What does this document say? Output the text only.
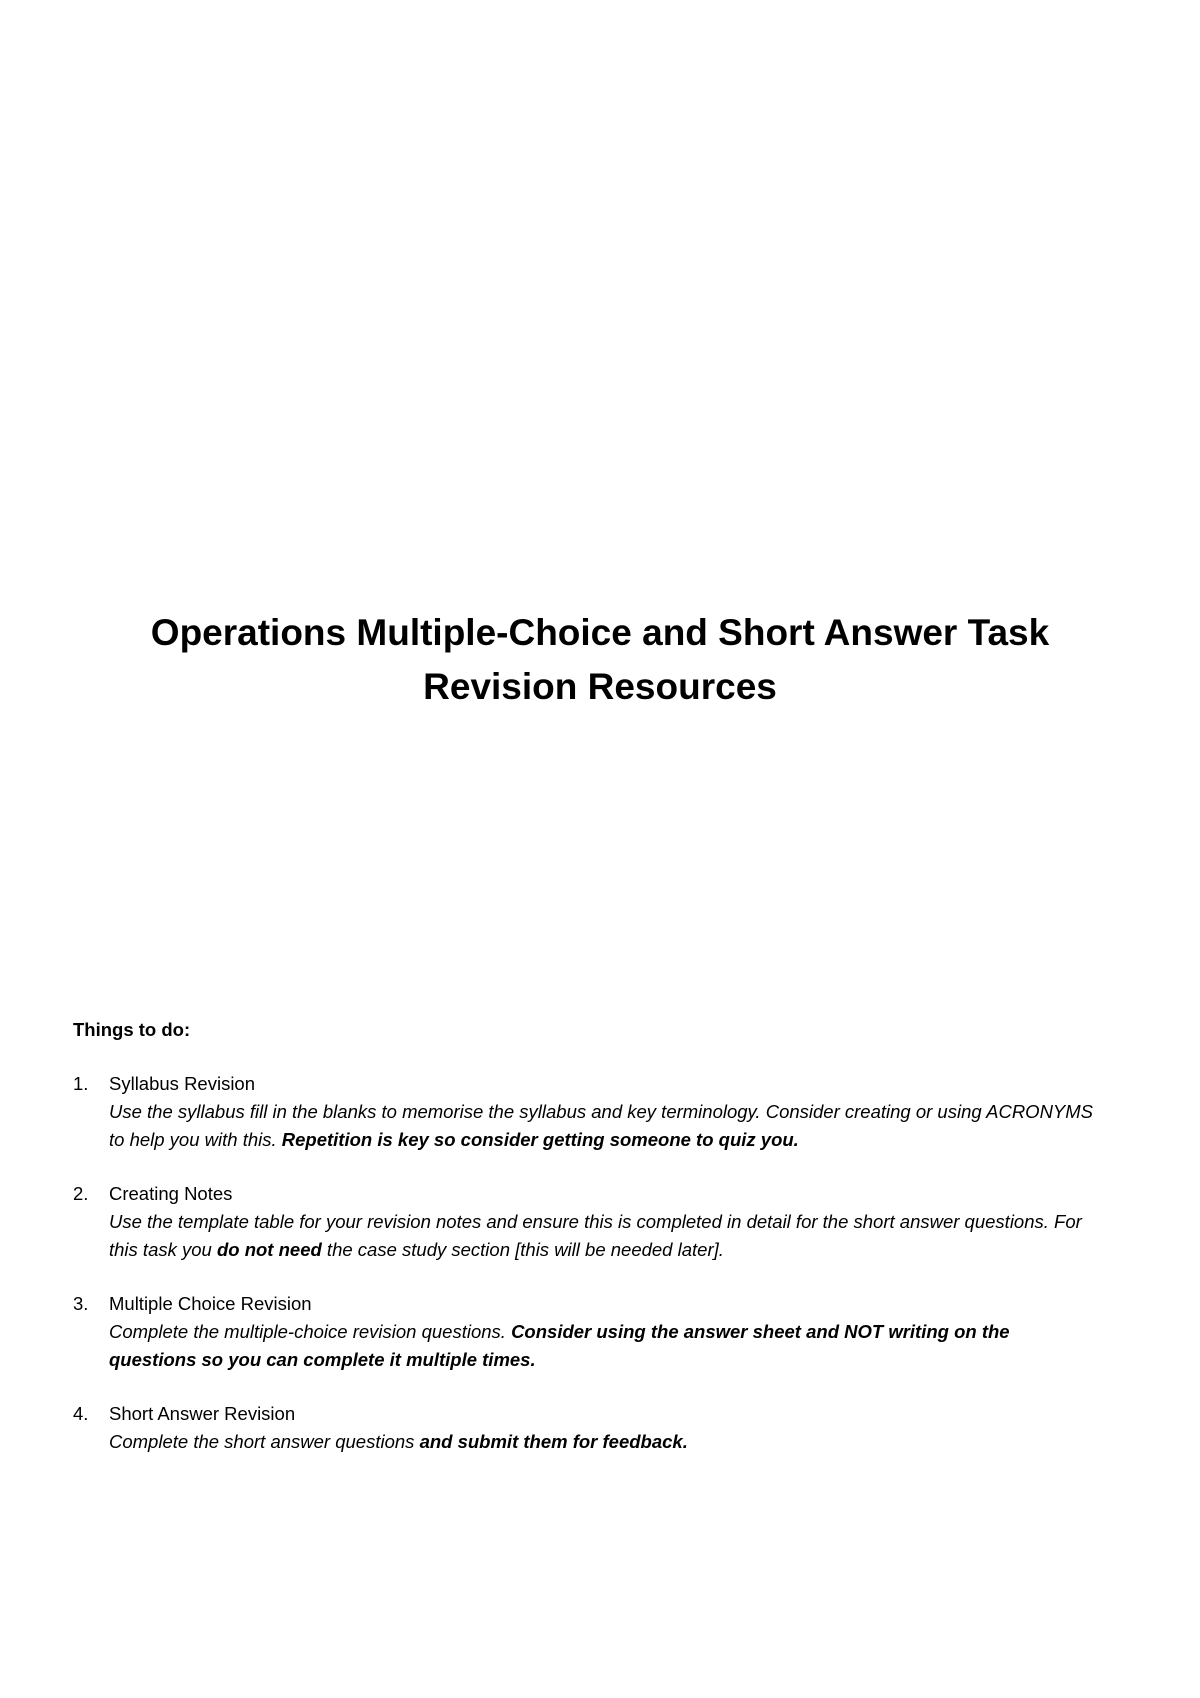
Operations Multiple-Choice and Short Answer Task
Revision Resources
Things to do:
1. Syllabus Revision
Use the syllabus fill in the blanks to memorise the syllabus and key terminology. Consider creating or using ACRONYMS to help you with this. Repetition is key so consider getting someone to quiz you.
2. Creating Notes
Use the template table for your revision notes and ensure this is completed in detail for the short answer questions. For this task you do not need the case study section [this will be needed later].
3. Multiple Choice Revision
Complete the multiple-choice revision questions. Consider using the answer sheet and NOT writing on the questions so you can complete it multiple times.
4. Short Answer Revision
Complete the short answer questions and submit them for feedback.
